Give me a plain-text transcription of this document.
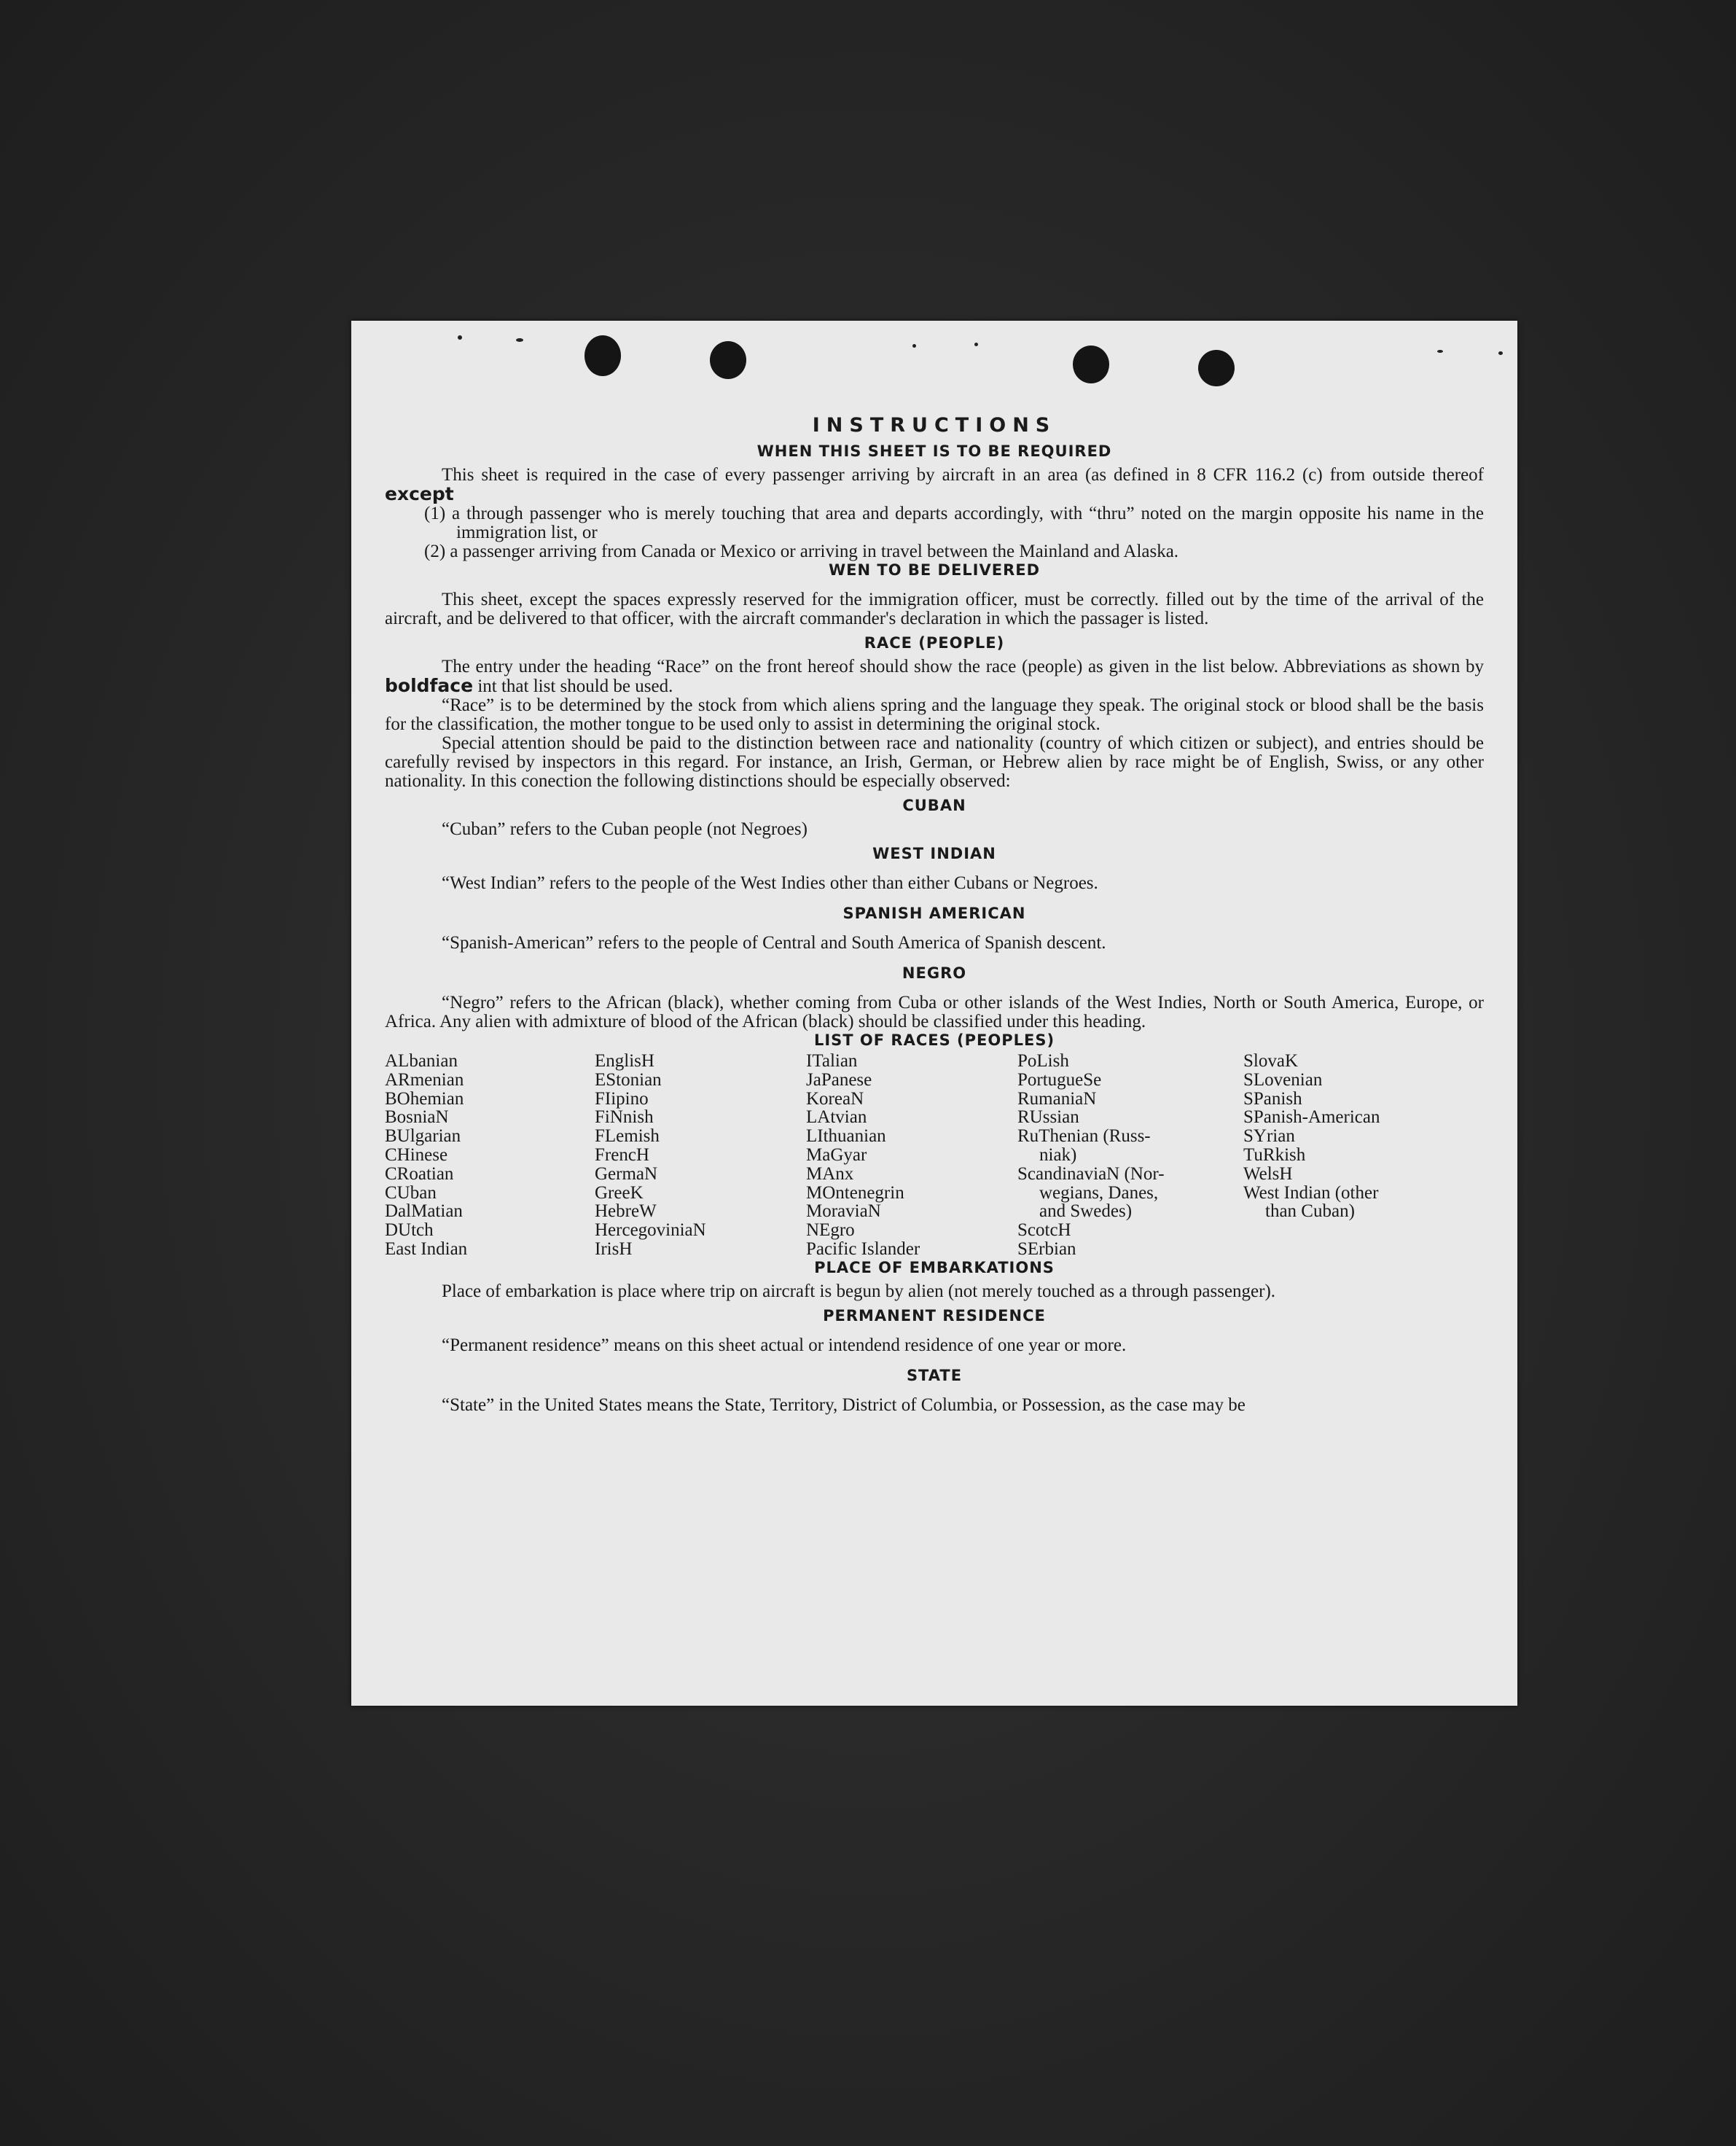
INSTRUCTIONS
WHEN THIS SHEET IS TO BE REQUIRED

This sheet is required in the case of every passenger arriving by aircraft in an area (as defined in 8 CFR 116.2 (c) from outside thereof except

(1) a through passenger who is merely touching that area and departs accordingly, with “thru” noted on the margin opposite his name in the immigration list, or

(2) a passenger arriving from Canada or Mexico or arriving in travel between the Mainland and Alaska.

WEN TO BE DELIVERED

This sheet, except the spaces expressly reserved for the immigration officer, must be correctly. filled out by the time of the arrival of the aircraft, and be delivered to that officer, with the aircraft commander's declaration in which the passager is listed.

RACE (PEOPLE)

The entry under the heading “Race” on the front hereof should show the race (people) as given in the list below. Abbreviations as shown by boldface int that list should be used.

“Race” is to be determined by the stock from which aliens spring and the language they speak. The original stock or blood shall be the basis for the classification, the mother tongue to be used only to assist in determining the original stock.

Special attention should be paid to the distinction between race and nationality (country of which citizen or subject), and entries should be carefully revised by inspectors in this regard. For instance, an Irish, German, or Hebrew alien by race might be of English, Swiss, or any other nationality. In this conection the following distinctions should be especially observed:

CUBAN

“Cuban” refers to the Cuban people (not Negroes)

WEST INDIAN

“West Indian” refers to the people of the West Indies other than either Cubans or Negroes.

SPANISH AMERICAN

“Spanish-American” refers to the people of Central and South America of Spanish descent.

NEGRO

“Negro” refers to the African (black), whether coming from Cuba or other islands of the West Indies, North or South America, Europe, or Africa. Any alien with admixture of blood of the African (black) should be classified under this heading.

LIST OF RACES (PEOPLES)
ALbanian
ARmenian
BOhemian
BosniaN
BUlgarian
CHinese
CRoatian
CUban
DalMatian
DUtch
East Indian
EnglisH
EStonian
FIipino
FiNnish
FLemish
FrencH
GermaN
GreeK
HebreW
HercegoviniaN
IrisH
ITalian
JaPanese
KoreaN
LAtvian
LIthuanian
MaGyar
MAnx
MOntenegrin
MoraviaN
NEgro
Pacific Islander
PoLish
PortugueSe
RumaniaN
RUssian
RuThenian (Russ-
niak)
ScandinaviaN (Nor-
wegians, Danes,
and Swedes)
ScotcH
SErbian
SlovaK
SLovenian
SPanish
SPanish-American
SYrian
TuRkish
WelsH
West Indian (other
than Cuban)
PLACE OF EMBARKATIONS

Place of embarkation is place where trip on aircraft is begun by alien (not merely touched as a through passenger).

PERMANENT RESIDENCE

“Permanent residence” means on this sheet actual or intendend residence of one year or more.

STATE

“State” in the United States means the State, Territory, District of Columbia, or Possession, as the case may be
